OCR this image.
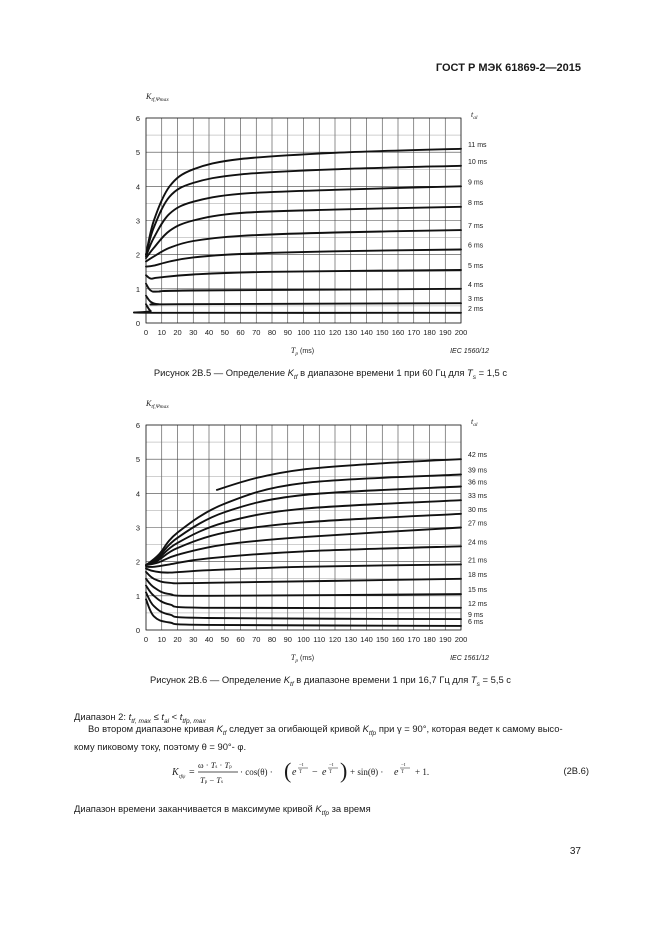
ГОСТ Р МЭК 61869-2—2015
0 10 20 30 40 50 60 70 80 90 100 110 120 130 140 150 160 170 180 190 200
0
1
2
3
4
5
6
$K_{tf,\Psi max}$
$t_{al}$
$T_p$ (ms)	IEC 1560/12
2 ms
3 ms
4 ms
5 ms
6 ms
7 ms
8 ms
9 ms
10 ms
11 ms
Рисунок 2В.5 — Определение $K_{tf}$ в диапазоне времени 1 при 60 Гц для $T_s = 1,5$ с
0 10 20 30 40 50 60 70 80 90 100 110 120 130 140 150 160 170 180 190 200
0
1
2
3
4
5
6
$K_{tf,\Psi max}$
$t_{al}$
$T_p$ (ms)	IEC 1561/12
6 ms
9 ms
12 ms
15 ms
18 ms
21 ms
24 ms
27 ms
30 ms
33 ms
36 ms
39 ms
42 ms
Рисунок 2В.6 — Определение $K_{tf}$ в диапазоне времени 1 при 16,7 Гц для $T_s = 5,5$ с
Диапазон 2: $t_{tf, max} \le t_{al} < t_{tfp, max}$
Во втором диапазоне кривая $K_{tf}$ следует за огибающей кривой $K_{tfp}$ при γ = 90°, которая ведет к самому высо-
кому пиковому току, поэтому θ = 90°- φ.
K tfψ =
ω · Ts · Tp
Tp − Ts
· cos(θ) · ( e
−t
T − e
−t
T ) + sin(θ) · e
−t
T + 1.	(2В.6)
Диапазон времени заканчивается в максимуме кривой $K_{tfp}$ за время
37
